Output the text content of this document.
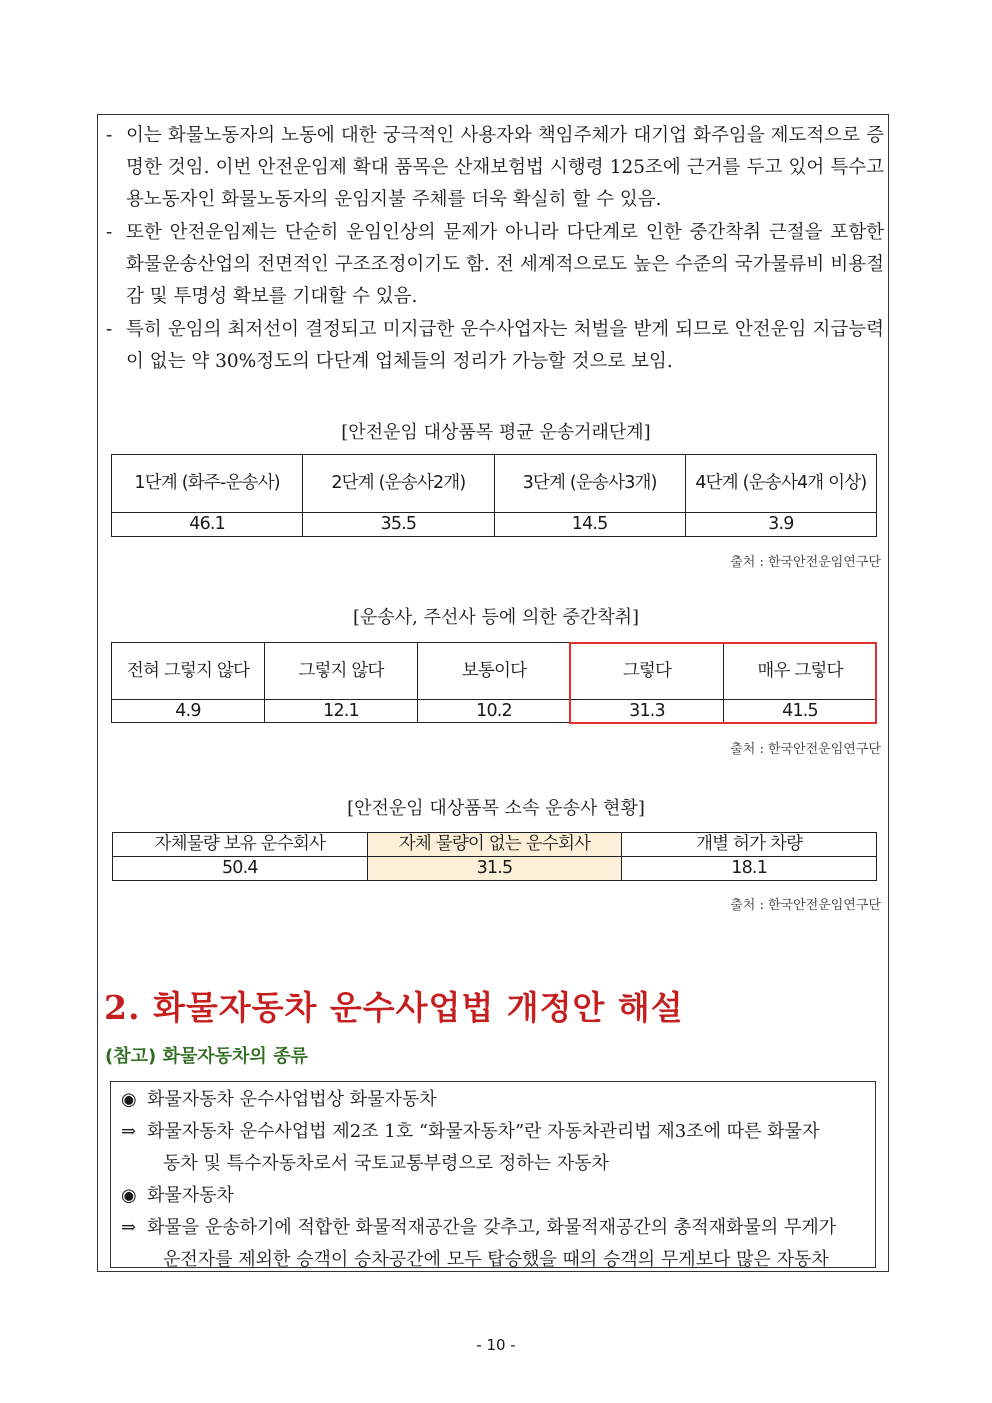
- 이는 화물노동자의 노동에 대한 궁극적인 사용자와 책임주체가 대기업 화주임을 제도적으로 증명한 것임. 이번 안전운임제 확대 품목은 산재보험법 시행령 125조에 근거를 두고 있어 특수고용노동자인 화물노동자의 운임지불 주체를 더욱 확실히 할 수 있음.
- 또한 안전운임제는 단순히 운임인상의 문제가 아니라 다단계로 인한 중간착취 근절을 포함한 화물운송산업의 전면적인 구조조정이기도 함. 전 세계적으로도 높은 수준의 국가물류비 비용절감 및 투명성 확보를 기대할 수 있음.
- 특히 운임의 최저선이 결정되고 미지급한 운수사업자는 처벌을 받게 되므로 안전운임 지급능력이 없는 약 30%정도의 다단계 업체들의 정리가 가능할 것으로 보임.
[안전운임 대상품목 평균 운송거래단계]
1단계 (화주-운송사)	2단계 (운송사2개)	3단계 (운송사3개)	4단계 (운송사4개 이상)
46.1	35.5	14.5	3.9
출처 : 한국안전운임연구단
[운송사, 주선사 등에 의한 중간착취]
전혀 그렇지 않다	그렇지 않다	보통이다	그렇다	매우 그렇다
4.9	12.1	10.2	31.3	41.5
출처 : 한국안전운임연구단
[안전운임 대상품목 소속 운송사 현황]
자체물량 보유 운수회사	자체 물량이 없는 운수회사	개별 허가 차량
50.4	31.5	18.1
출처 : 한국안전운임연구단
2. 화물자동차 운수사업법 개정안 해설
(참고) 화물자동차의 종류
◉ 화물자동차 운수사업법상 화물자동차
⇒ 화물자동차 운수사업법 제2조 1호 “화물자동차”란 자동차관리법 제3조에 따른 화물자
동차 및 특수자동차로서 국토교통부령으로 정하는 자동차
◉ 화물자동차
⇒ 화물을 운송하기에 적합한 화물적재공간을 갖추고, 화물적재공간의 총적재화물의 무게가
운전자를 제외한 승객이 승차공간에 모두 탑승했을 때의 승객의 무게보다 많은 자동차
- 10 -
